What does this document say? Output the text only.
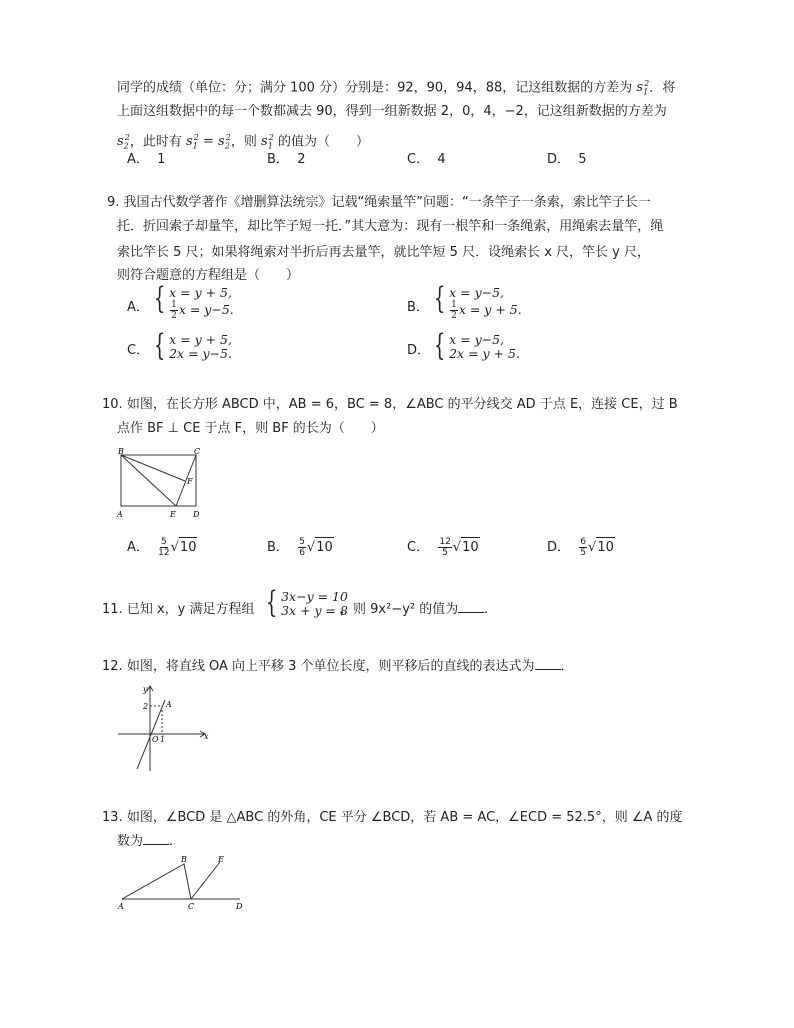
同学的成绩（单位：分；满分 100 分）分别是：92，90，94，88，记这组数据的方差为 $s_1^2$．将
上面这组数据中的每一个数都减去 90，得到一组新数据 2，0，4，−2，记这组新数据的方差为
$s_2^2$，此时有 $s_1^2 = s_2^2$，则 $s_1^2$ 的值为（　　）
A． 1	B． 2	C． 4	D． 5
9. 我国古代数学著作《增删算法统宗》记载“绳索量竿”问题：“一条竿子一条索，索比竿子长一
托．折回索子却量竿，却比竿子短一托．”其大意为：现有一根竿和一条绳索，用绳索去量竿，绳
索比竿长 5 尺；如果将绳索对半折后再去量竿，就比竿短 5 尺．设绳索长 x 尺，竿长 y 尺，
则符合题意的方程组是（　　）
A． { x = y + 5,
$\frac{1}{2}$ x = y−5.	B． { x = y−5,
$\frac{1}{2}$ x = y + 5.
C． { x = y + 5,
2x = y−5.	D． { x = y−5,
2x = y + 5.
10. 如图，在长方形 ABCD 中，AB = 6，BC = 8，∠ABC 的平分线交 AD 于点 E，连接 CE，过 B
点作 BF ⊥ CE 于点 F，则 BF 的长为（　　）
B	C
F
A	E D
A． $\frac{5}{12} √10$	B． $\frac{5}{6} √10$	C． $\frac{12}{5} √10$	D． $\frac{6}{5} √10$
11. 已知 x，y 满足方程组 { 3x−y = 10
3x + y = 8
，则 9x²−y² 的值为 ．
12. 如图，将直线 OA 向上平移 3 个单位长度，则平移后的直线的表达式为 ．
y
2 A
O 1	x
13. 如图，∠BCD 是 △ABC 的外角，CE 平分 ∠BCD，若 AB = AC，∠ECD = 52.5°，则 ∠A 的度
数为 ．
B	E
A	C	D
